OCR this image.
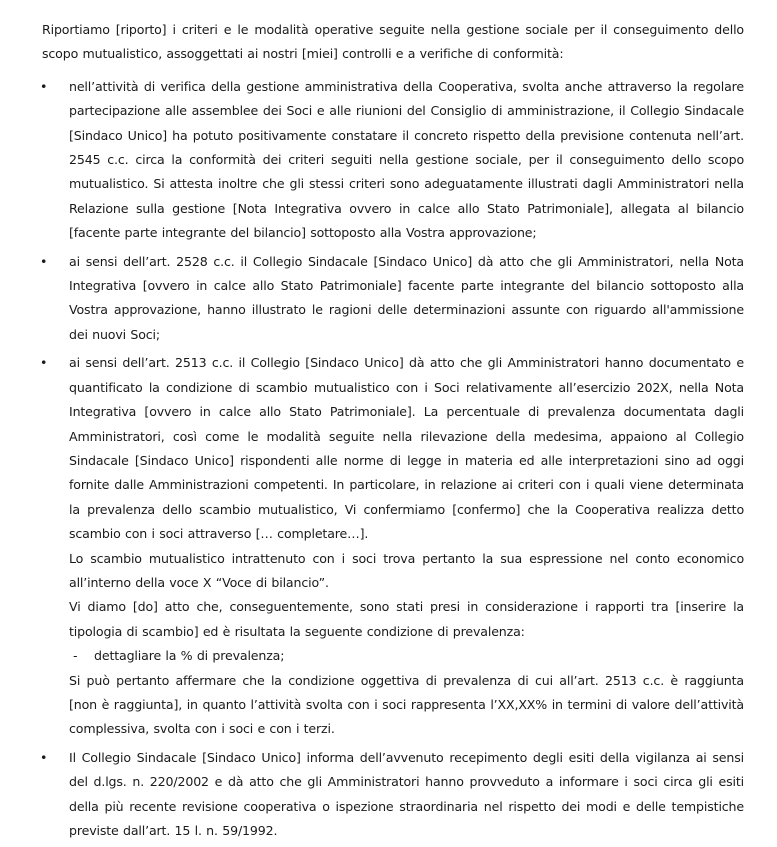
Riportiamo [riporto] i criteri e le modalità operative seguite nella gestione sociale per il conseguimento dello scopo mutualistico, assoggettati ai nostri [miei] controlli e a verifiche di conformità:

• nell’attività di verifica della gestione amministrativa della Cooperativa, svolta anche attraverso la regolare partecipazione alle assemblee dei Soci e alle riunioni del Consiglio di amministrazione, il Collegio Sindacale [Sindaco Unico] ha potuto positivamente constatare il concreto rispetto della previsione contenuta nell’art. 2545 c.c. circa la conformità dei criteri seguiti nella gestione sociale, per il conseguimento dello scopo mutualistico. Si attesta inoltre che gli stessi criteri sono adeguatamente illustrati dagli Amministratori nella Relazione sulla gestione [Nota Integrativa ovvero in calce allo Stato Patrimoniale], allegata al bilancio [facente parte integrante del bilancio] sottoposto alla Vostra approvazione;

• ai sensi dell’art. 2528 c.c. il Collegio Sindacale [Sindaco Unico] dà atto che gli Amministratori, nella Nota Integrativa [ovvero in calce allo Stato Patrimoniale] facente parte integrante del bilancio sottoposto alla Vostra approvazione, hanno illustrato le ragioni delle determinazioni assunte con riguardo all'ammissione dei nuovi Soci;

• ai sensi dell’art. 2513 c.c. il Collegio [Sindaco Unico] dà atto che gli Amministratori hanno documentato e quantificato la condizione di scambio mutualistico con i Soci relativamente all’esercizio 202X, nella Nota Integrativa [ovvero in calce allo Stato Patrimoniale]. La percentuale di prevalenza documentata dagli Amministratori, così come le modalità seguite nella rilevazione della medesima, appaiono al Collegio Sindacale [Sindaco Unico] rispondenti alle norme di legge in materia ed alle interpretazioni sino ad oggi fornite dalle Amministrazioni competenti. In particolare, in relazione ai criteri con i quali viene determinata la prevalenza dello scambio mutualistico, Vi confermiamo [confermo] che la Cooperativa realizza detto scambio con i soci attraverso [… completare…].

Lo scambio mutualistico intrattenuto con i soci trova pertanto la sua espressione nel conto economico all’interno della voce X “Voce di bilancio”.

Vi diamo [do] atto che, conseguentemente, sono stati presi in considerazione i rapporti tra [inserire la tipologia di scambio] ed è risultata la seguente condizione di prevalenza:

- dettagliare la % di prevalenza;

Si può pertanto affermare che la condizione oggettiva di prevalenza di cui all’art. 2513 c.c. è raggiunta [non è raggiunta], in quanto l’attività svolta con i soci rappresenta l’XX,XX% in termini di valore dell’attività complessiva, svolta con i soci e con i terzi.

• Il Collegio Sindacale [Sindaco Unico] informa dell’avvenuto recepimento degli esiti della vigilanza ai sensi del d.lgs. n. 220/2002 e dà atto che gli Amministratori hanno provveduto a informare i soci circa gli esiti della più recente revisione cooperativa o ispezione straordinaria nel rispetto dei modi e delle tempistiche previste dall’art. 15 l. n. 59/1992.
